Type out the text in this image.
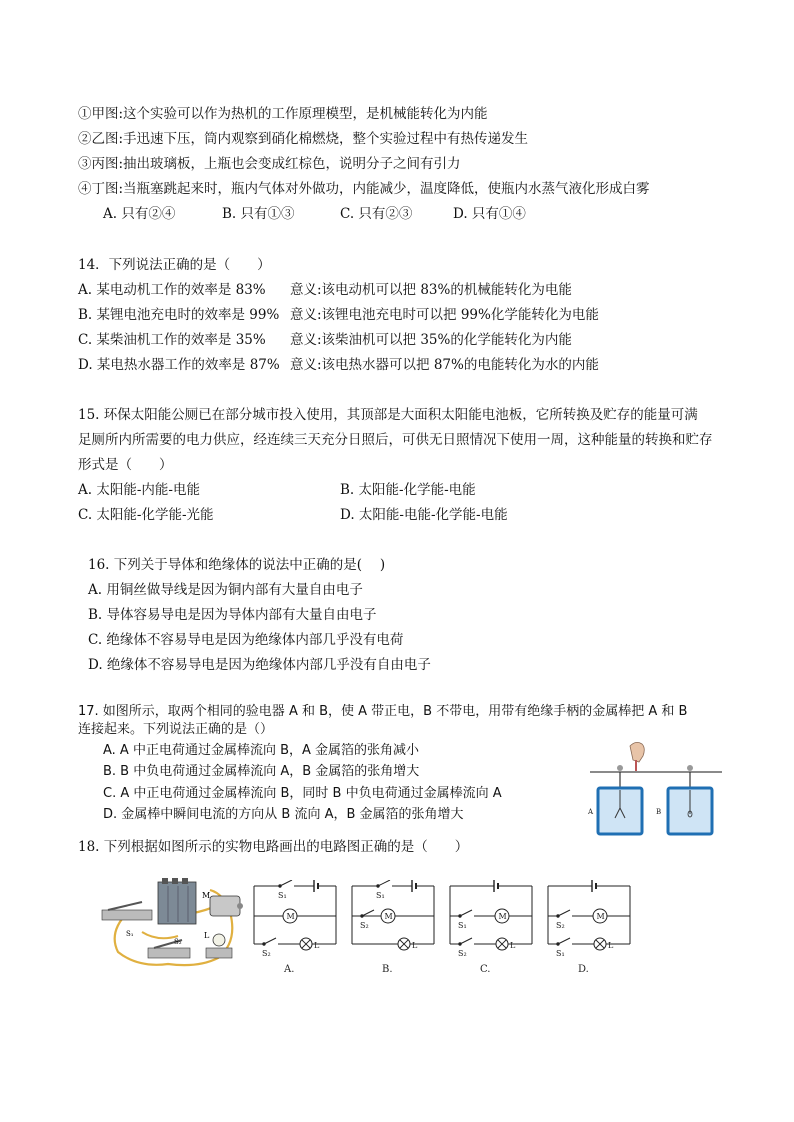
①甲图:这个实验可以作为热机的工作原理模型，是机械能转化为内能
②乙图:手迅速下压，筒内观察到硝化棉燃烧，整个实验过程中有热传递发生
③丙图:抽出玻璃板，上瓶也会变成红棕色，说明分子之间有引力
④丁图:当瓶塞跳起来时，瓶内气体对外做功，内能减少，温度降低，使瓶内水蒸气液化形成白雾
A. 只有②④	B. 只有①③	C. 只有②③	D. 只有①④
14．下列说法正确的是（　　）
A. 某电动机工作的效率是 83% 意义:该电动机可以把 83%的机械能转化为电能
B. 某锂电池充电时的效率是 99% 意义:该锂电池充电时可以把 99%化学能转化为电能
C. 某柴油机工作的效率是 35% 意义:该柴油机可以把 35%的化学能转化为内能
D. 某电热水器工作的效率是 87% 意义:该电热水器可以把 87%的电能转化为水的内能
15. 环保太阳能公厕已在部分城市投入使用，其顶部是大面积太阳能电池板，它所转换及贮存的能量可满
足厕所内所需要的电力供应，经连续三天充分日照后，可供无日照情况下使用一周，这种能量的转换和贮存
形式是（　　）
A. 太阳能-内能-电能	B. 太阳能-化学能-电能
C. 太阳能-化学能-光能	D. 太阳能-电能-化学能-电能
16. 下列关于导体和绝缘体的说法中正确的是(　 )
A. 用铜丝做导线是因为铜内部有大量自由电子
B. 导体容易导电是因为导体内部有大量自由电子
C. 绝缘体不容易导电是因为绝缘体内部几乎没有电荷
D. 绝缘体不容易导电是因为绝缘体内部几乎没有自由电子
17. 如图所示，取两个相同的验电器 A 和 B，使 A 带正电，B 不带电，用带有绝缘手柄的金属棒把 A 和 B
连接起来。下列说法正确的是（）
A. A 中正电荷通过金属棒流向 B，A 金属箔的张角减小
B. B 中负电荷通过金属棒流向 A，B 金属箔的张角增大
C. A 中正电荷通过金属棒流向 B，同时 B 中负电荷通过金属棒流向 A
D. 金属棒中瞬间电流的方向从 B 流向 A，B 金属箔的张角增大	A	B
18. 下列根据如图所示的实物电路画出的电路图正确的是（　　）
M
S₁
S₂
L
S₁
M
S₂
L
A.
S₁
S₂
M
L
B.
S₁
M
S₂
L
C.
S₂
M
S₁
L
D.
